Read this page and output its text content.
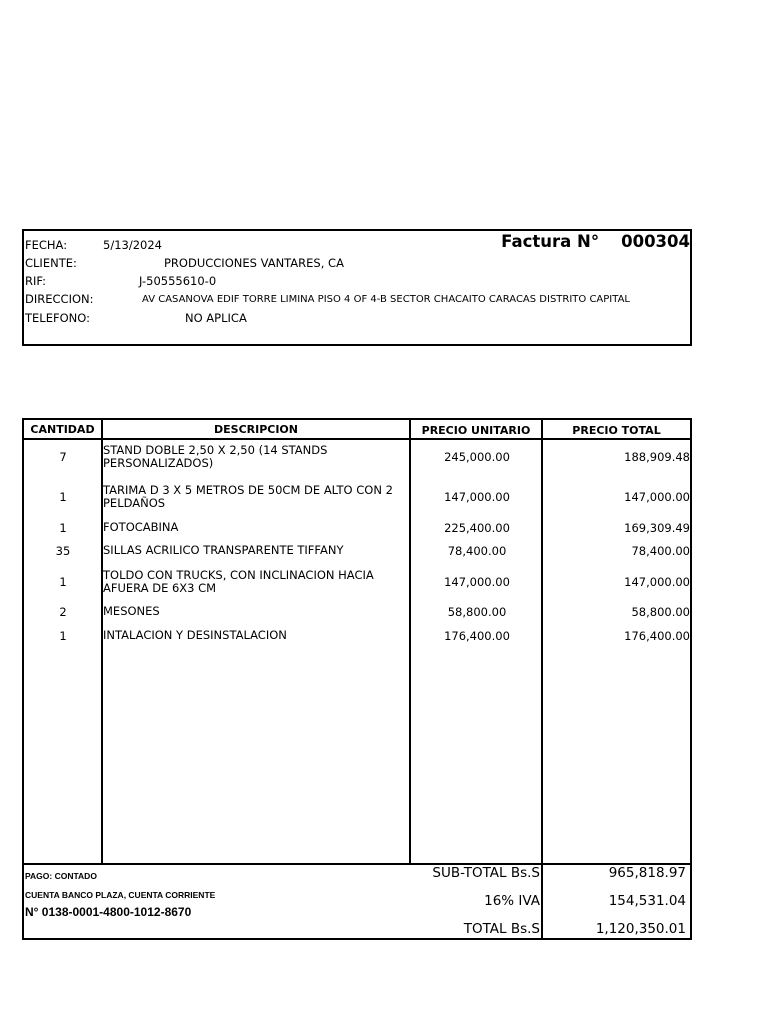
Factura N° 000304
FECHA:	5/13/2024
CLIENTE:	PRODUCCIONES VANTARES, CA
RIF:	J-50555610-0
DIRECCION:	AV CASANOVA EDIF TORRE LIMINA PISO 4 OF 4-B SECTOR CHACAITO CARACAS DISTRITO CAPITAL
TELEFONO:	NO APLICA
CANTIDAD	DESCRIPCION	PRECIO UNITARIO	PRECIO TOTAL
7	STAND DOBLE 2,50 X 2,50 (14 STANDS PERSONALIZADOS)	245,000.00	188,909.48
1	TARIMA D 3 X 5 METROS DE 50CM DE ALTO CON 2 PELDAÑOS	147,000.00	147,000.00
1	FOTOCABINA	225,400.00	169,309.49
35	SILLAS ACRILICO TRANSPARENTE TIFFANY	78,400.00	78,400.00
1	TOLDO CON TRUCKS, CON INCLINACION HACIA AFUERA DE 6X3 CM	147,000.00	147,000.00
2	MESONES	58,800.00	58,800.00
1	INTALACION Y DESINSTALACION	176,400.00	176,400.00
PAGO: CONTADO
CUENTA BANCO PLAZA, CUENTA CORRIENTE
N° 0138-0001-4800-1012-8670
SUB-TOTAL Bs.S	965,818.97
16% IVA	154,531.04
TOTAL Bs.S	1,120,350.01
